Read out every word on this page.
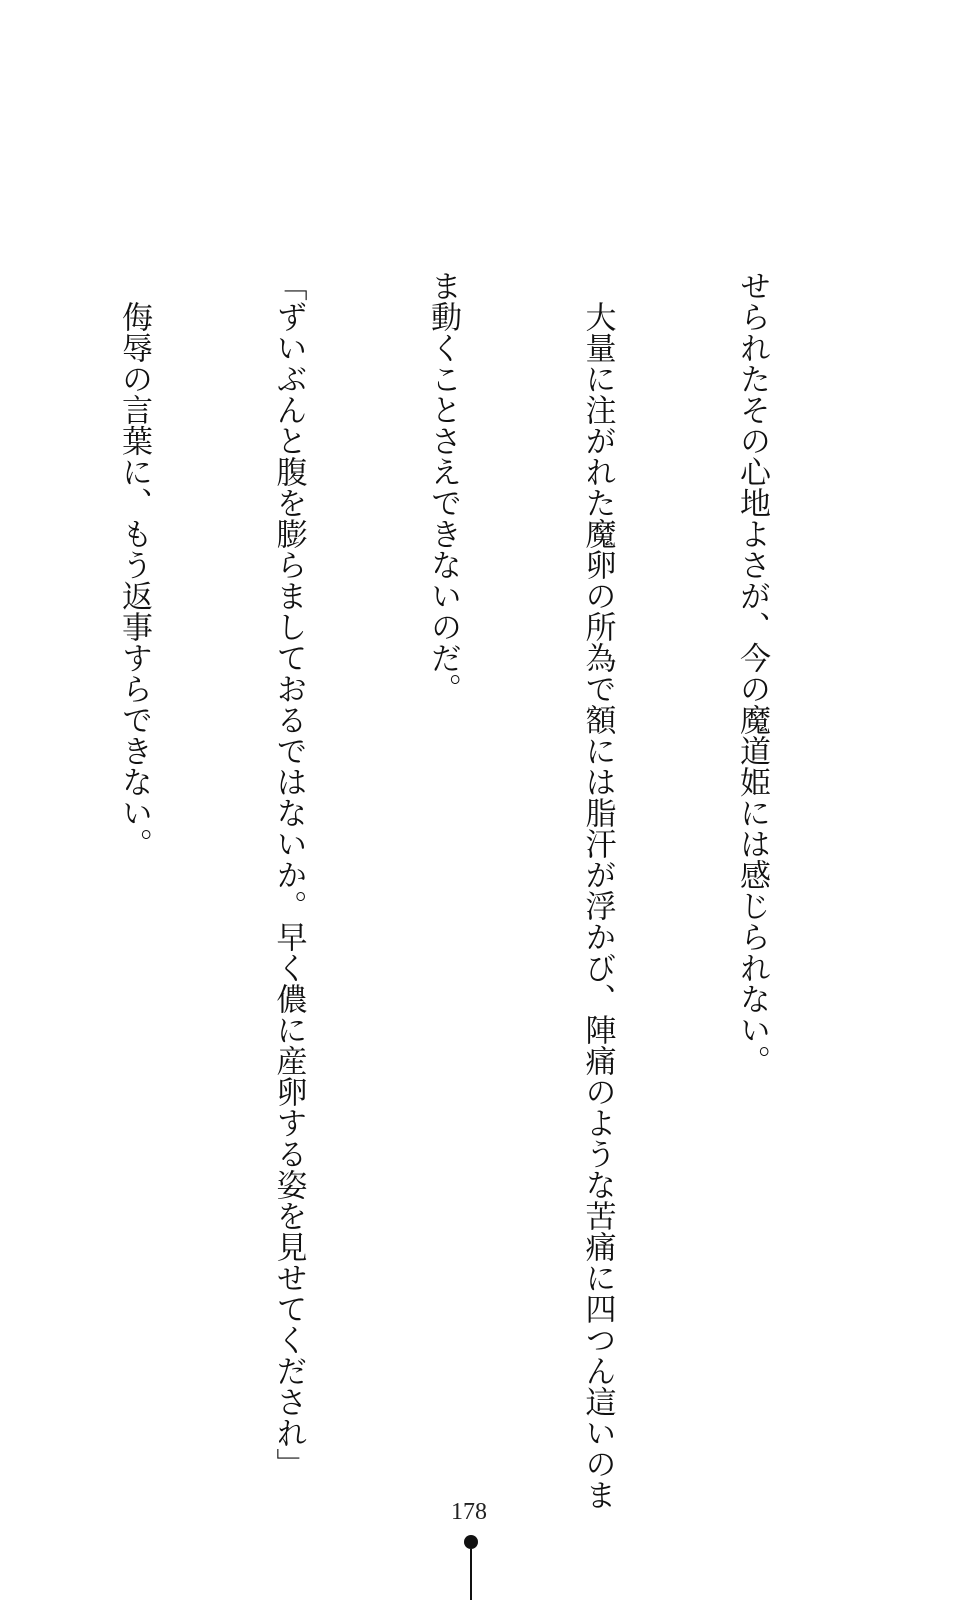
せられたその心地よさが、今の魔道姫には感じられない。

　大量に注がれた魔卵の所為で額には脂汗が浮かび、陣痛のような苦痛に四つん這いのま

ま動くことさえできないのだ。

「ずいぶんと腹を膨らましておるではないか。早く儂に産卵する姿を見せてくだされ」

　侮辱の言葉に、もう返事すらできない。

178
